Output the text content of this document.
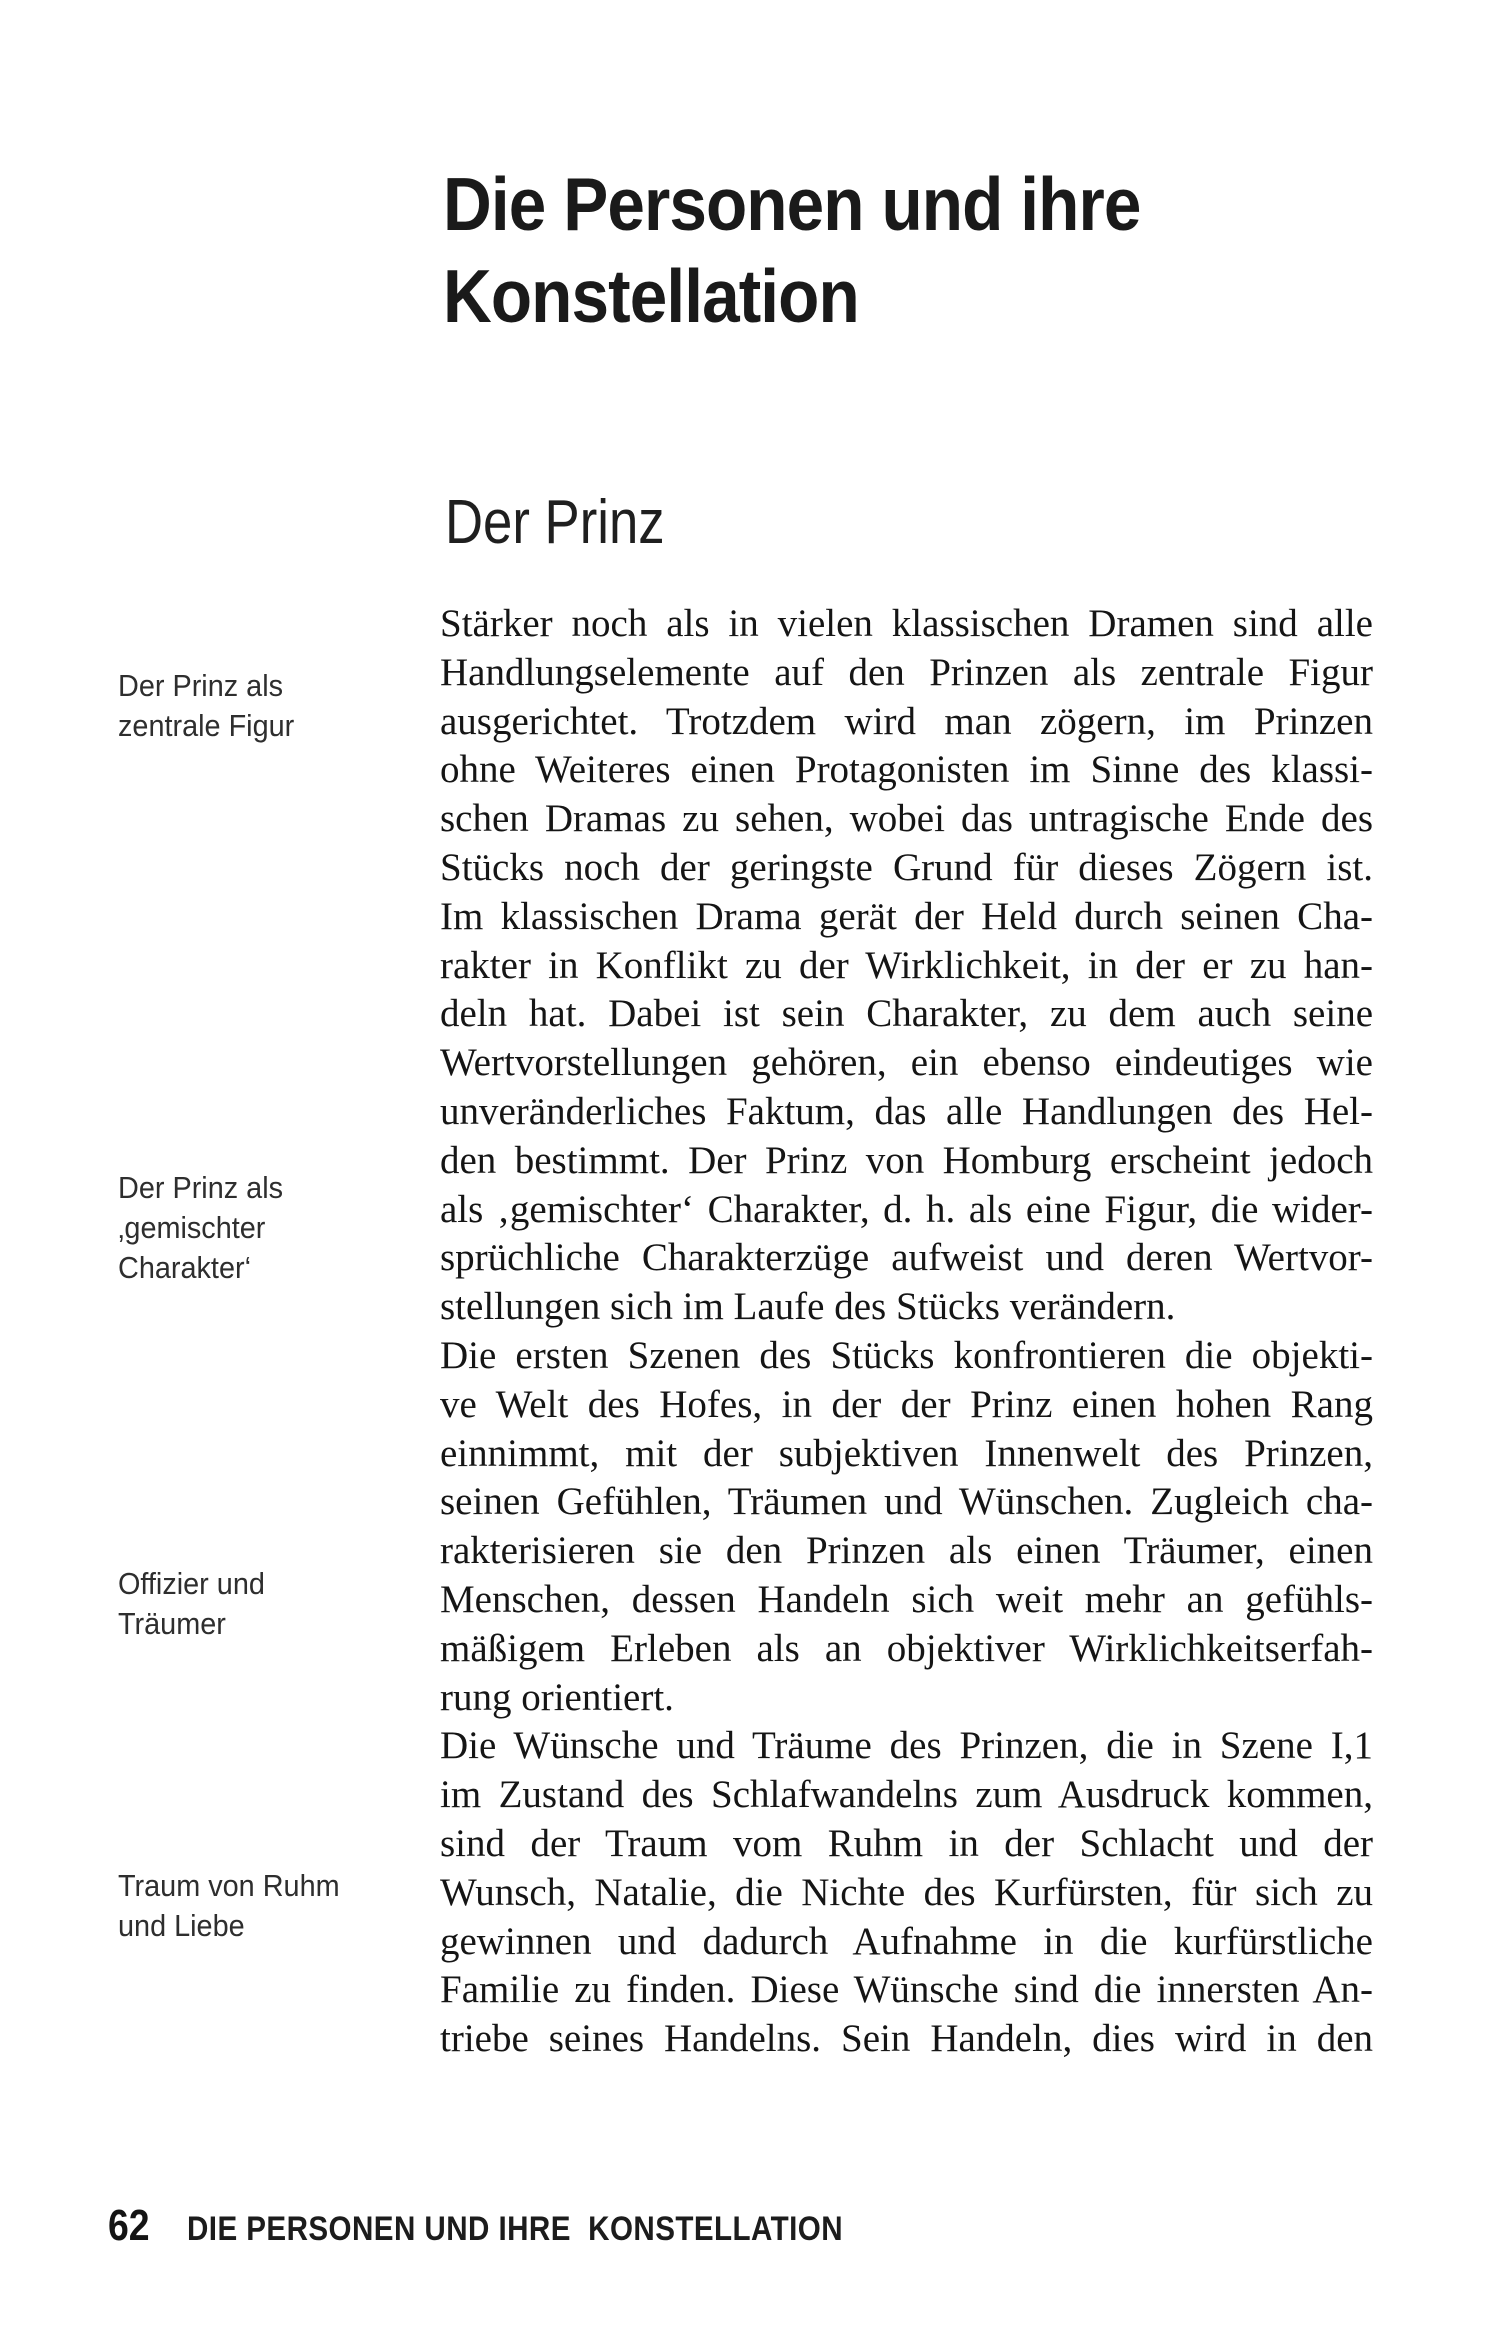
Die Personen und ihre
Konstellation
Der Prinz
Der Prinz als
zentrale Figur
Der Prinz als
‚gemischter
Charakter‘
Offizier und
Träumer
Traum von Ruhm
und Liebe
Stärker noch als in vielen klassischen Dramen sind alle
Handlungselemente auf den Prinzen als zentrale Figur
ausgerichtet. Trotzdem wird man zögern, im Prinzen
ohne Weiteres einen Protagonisten im Sinne des klassi-
schen Dramas zu sehen, wobei das untragische Ende des
Stücks noch der geringste Grund für dieses Zögern ist.
Im klassischen Drama gerät der Held durch seinen Cha-
rakter in Konflikt zu der Wirklichkeit, in der er zu han-
deln hat. Dabei ist sein Charakter, zu dem auch seine
Wertvorstellungen gehören, ein ebenso eindeutiges wie
unveränderliches Faktum, das alle Handlungen des Hel-
den bestimmt. Der Prinz von Homburg erscheint jedoch
als ‚gemischter‘ Charakter, d. h. als eine Figur, die wider-
sprüchliche Charakterzüge aufweist und deren Wertvor-
stellungen sich im Laufe des Stücks verändern.
Die ersten Szenen des Stücks konfrontieren die objekti-
ve Welt des Hofes, in der der Prinz einen hohen Rang
einnimmt, mit der subjektiven Innenwelt des Prinzen,
seinen Gefühlen, Träumen und Wünschen. Zugleich cha-
rakterisieren sie den Prinzen als einen Träumer, einen
Menschen, dessen Handeln sich weit mehr an gefühls-
mäßigem Erleben als an objektiver Wirklichkeitserfah-
rung orientiert.
Die Wünsche und Träume des Prinzen, die in Szene I,1
im Zustand des Schlafwandelns zum Ausdruck kommen,
sind der Traum vom Ruhm in der Schlacht und der
Wunsch, Natalie, die Nichte des Kurfürsten, für sich zu
gewinnen und dadurch Aufnahme in die kurfürstliche
Familie zu finden. Diese Wünsche sind die innersten An-
triebe seines Handelns. Sein Handeln, dies wird in den
62 DIE PERSONEN UND IHRE  KONSTELLATION
